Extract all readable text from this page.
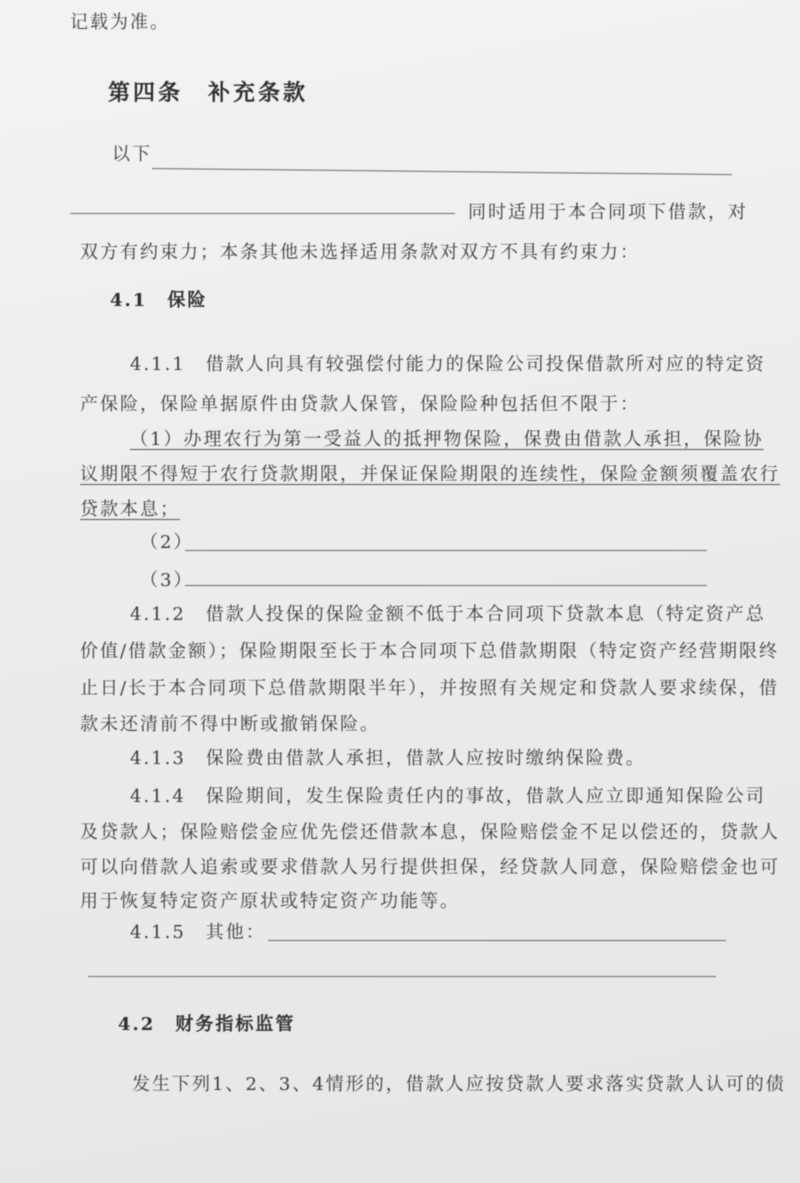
记载为准。
第四条　补充条款
以下
同时适用于本合同项下借款，对
双方有约束力；本条其他未选择适用条款对双方不具有约束力：
4.1　保险
4.1.1　借款人向具有较强偿付能力的保险公司投保借款所对应的特定资
产保险，保险单据原件由贷款人保管，保险险种包括但不限于：
（1）办理农行为第一受益人的抵押物保险，保费由借款人承担，保险协
议期限不得短于农行贷款期限，并保证保险期限的连续性，保险金额须覆盖农行
贷款本息；
（2）
（3）
4.1.2　借款人投保的保险金额不低于本合同项下贷款本息（特定资产总
价值/借款金额）；保险期限至长于本合同项下总借款期限（特定资产经营期限终
止日/长于本合同项下总借款期限半年），并按照有关规定和贷款人要求续保，借
款未还清前不得中断或撤销保险。
4.1.3　保险费由借款人承担，借款人应按时缴纳保险费。
4.1.4　保险期间，发生保险责任内的事故，借款人应立即通知保险公司
及贷款人；保险赔偿金应优先偿还借款本息，保险赔偿金不足以偿还的，贷款人
可以向借款人追索或要求借款人另行提供担保，经贷款人同意，保险赔偿金也可
用于恢复特定资产原状或特定资产功能等。
4.1.5　其他：
4.2　财务指标监管
发生下列1、2、3、4情形的，借款人应按贷款人要求落实贷款人认可的债
